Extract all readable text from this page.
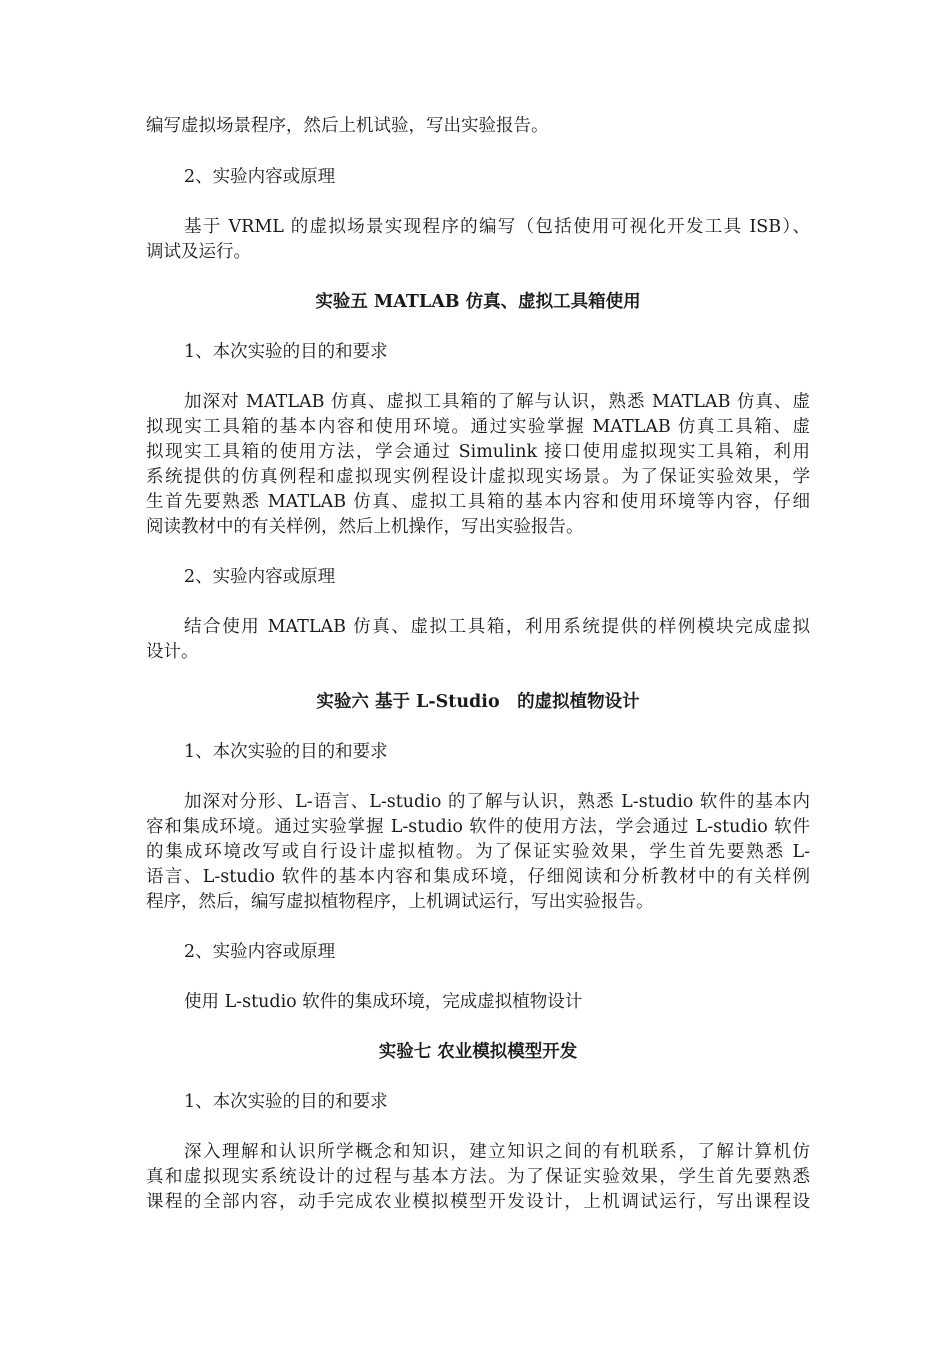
编写虚拟场景程序，然后上机试验，写出实验报告。
2、实验内容或原理
基于 VRML 的虚拟场景实现程序的编写（包括使用可视化开发工具 ISB）、
调试及运行。
实验五 MATLAB 仿真、虚拟工具箱使用
1、本次实验的目的和要求
加深对 MATLAB 仿真、虚拟工具箱的了解与认识，熟悉 MATLAB 仿真、虚
拟现实工具箱的基本内容和使用环境。通过实验掌握 MATLAB 仿真工具箱、虚
拟现实工具箱的使用方法，学会通过 Simulink 接口使用虚拟现实工具箱，利用
系统提供的仿真例程和虚拟现实例程设计虚拟现实场景。为了保证实验效果，学
生首先要熟悉 MATLAB 仿真、虚拟工具箱的基本内容和使用环境等内容，仔细
阅读教材中的有关样例，然后上机操作，写出实验报告。
2、实验内容或原理
结合使用 MATLAB 仿真、虚拟工具箱，利用系统提供的样例模块完成虚拟
设计。
实验六 基于 L-Studio　的虚拟植物设计
1、本次实验的目的和要求
加深对分形、L-语言、L-studio 的了解与认识，熟悉 L-studio 软件的基本内
容和集成环境。通过实验掌握 L-studio 软件的使用方法，学会通过 L-studio 软件
的集成环境改写或自行设计虚拟植物。为了保证实验效果，学生首先要熟悉 L-
语言、L-studio 软件的基本内容和集成环境，仔细阅读和分析教材中的有关样例
程序，然后，编写虚拟植物程序，上机调试运行，写出实验报告。
2、实验内容或原理
使用 L-studio 软件的集成环境，完成虚拟植物设计
实验七 农业模拟模型开发
1、本次实验的目的和要求
深入理解和认识所学概念和知识，建立知识之间的有机联系，了解计算机仿
真和虚拟现实系统设计的过程与基本方法。为了保证实验效果，学生首先要熟悉
课程的全部内容，动手完成农业模拟模型开发设计，上机调试运行，写出课程设
